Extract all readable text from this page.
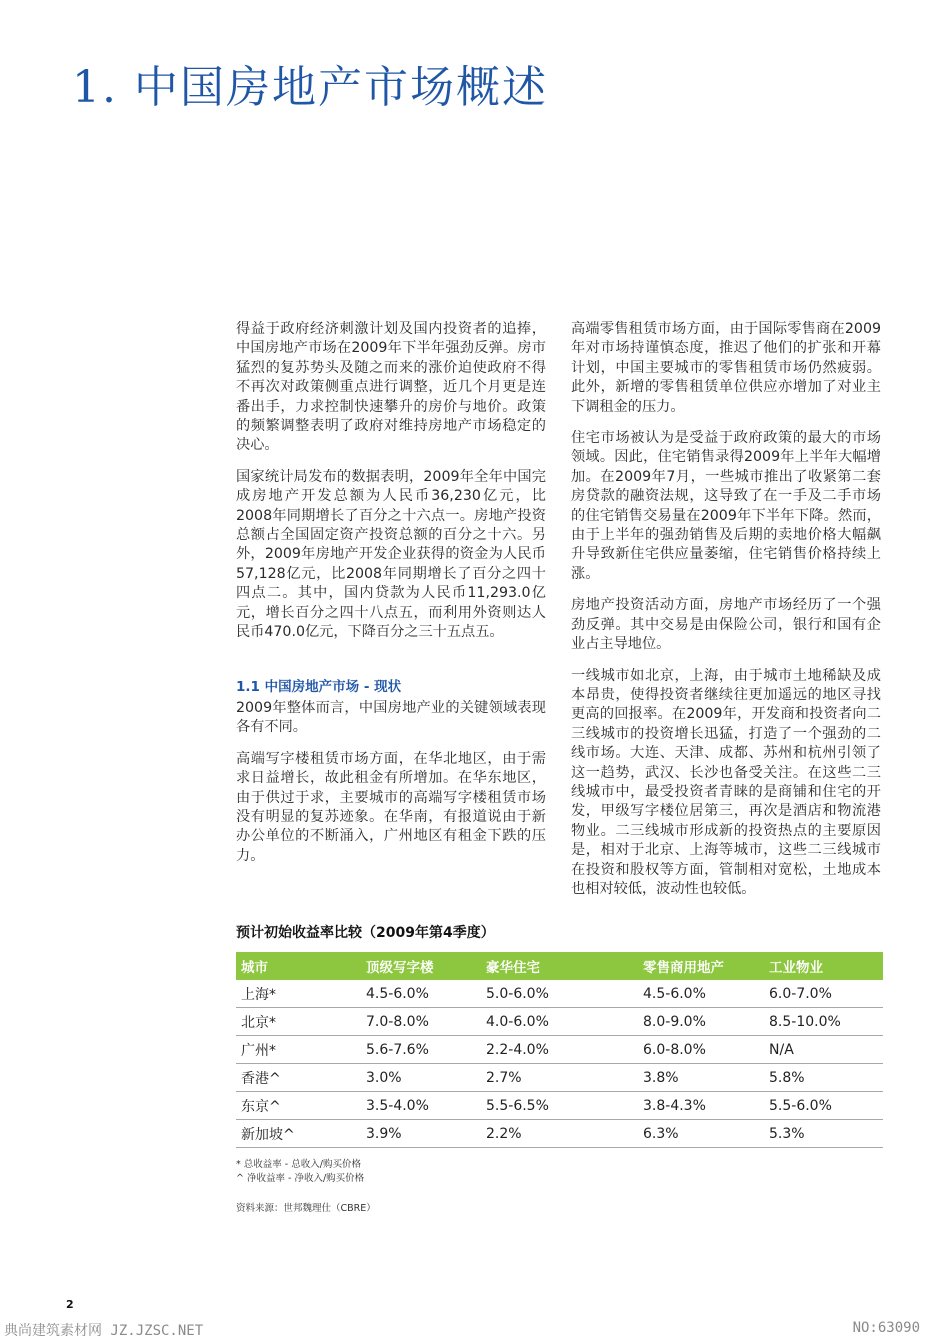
1. 中国房地产市场概述

得益于政府经济刺激计划及国内投资者的追捧，中国房地产市场在2009年下半年强劲反弹。房市猛烈的复苏势头及随之而来的涨价迫使政府不得不再次对政策侧重点进行调整，近几个月更是连番出手，力求控制快速攀升的房价与地价。政策的频繁调整表明了政府对维持房地产市场稳定的决心。

国家统计局发布的数据表明，2009年全年中国完成房地产开发总额为人民币36,230亿元，比2008年同期增长了百分之十六点一。房地产投资总额占全国固定资产投资总额的百分之十六。另外，2009年房地产开发企业获得的资金为人民币57,128亿元，比2008年同期增长了百分之四十四点二。其中，国内贷款为人民币11,293.0亿元，增长百分之四十八点五，而利用外资则达人民币470.0亿元，下降百分之三十五点五。

1.1 中国房地产市场 - 现状

2009年整体而言，中国房地产业的关键领域表现各有不同。

高端写字楼租赁市场方面，在华北地区，由于需求日益增长，故此租金有所增加。在华东地区，由于供过于求，主要城市的高端写字楼租赁市场没有明显的复苏迹象。在华南，有报道说由于新办公单位的不断涌入，广州地区有租金下跌的压力。

高端零售租赁市场方面，由于国际零售商在2009年对市场持谨慎态度，推迟了他们的扩张和开幕计划，中国主要城市的零售租赁市场仍然疲弱。此外，新增的零售租赁单位供应亦增加了对业主下调租金的压力。

住宅市场被认为是受益于政府政策的最大的市场领域。因此，住宅销售录得2009年上半年大幅增加。在2009年7月，一些城市推出了收紧第二套房贷款的融资法规，这导致了在一手及二手市场的住宅销售交易量在2009年下半年下降。然而，由于上半年的强劲销售及后期的卖地价格大幅飙升导致新住宅供应量萎缩，住宅销售价格持续上涨。

房地产投资活动方面，房地产市场经历了一个强劲反弹。其中交易是由保险公司，银行和国有企业占主导地位。

一线城市如北京，上海，由于城市土地稀缺及成本昂贵，使得投资者继续往更加遥远的地区寻找更高的回报率。在2009年，开发商和投资者向二三线城市的投资增长迅猛，打造了一个强劲的二线市场。大连、天津、成都、苏州和杭州引领了这一趋势，武汉、长沙也备受关注。在这些二三线城市中，最受投资者青睐的是商铺和住宅的开发，甲级写字楼位居第三，再次是酒店和物流港物业。二三线城市形成新的投资热点的主要原因是，相对于北京、上海等城市，这些二三线城市在投资和股权等方面，管制相对宽松，土地成本也相对较低，波动性也较低。

预计初始收益率比较（2009年第4季度）
城市	顶级写字楼	豪华住宅	零售商用地产	工业物业
上海*	4.5-6.0%	5.0-6.0%	4.5-6.0%	6.0-7.0%
北京*	7.0-8.0%	4.0-6.0%	8.0-9.0%	8.5-10.0%
广州*	5.6-7.6%	2.2-4.0%	6.0-8.0%	N/A
香港^	3.0%	2.7%	3.8%	5.8%
东京^	3.5-4.0%	5.5-6.5%	3.8-4.3%	5.5-6.0%
新加坡^	3.9%	2.2%	6.3%	5.3%
* 总收益率 - 总收入/购买价格
^ 净收益率 - 净收入/购买价格
资料来源：世邦魏理仕（CBRE）
2
典尚建筑素材网 JZ.JZSC.NET	NO:63090
